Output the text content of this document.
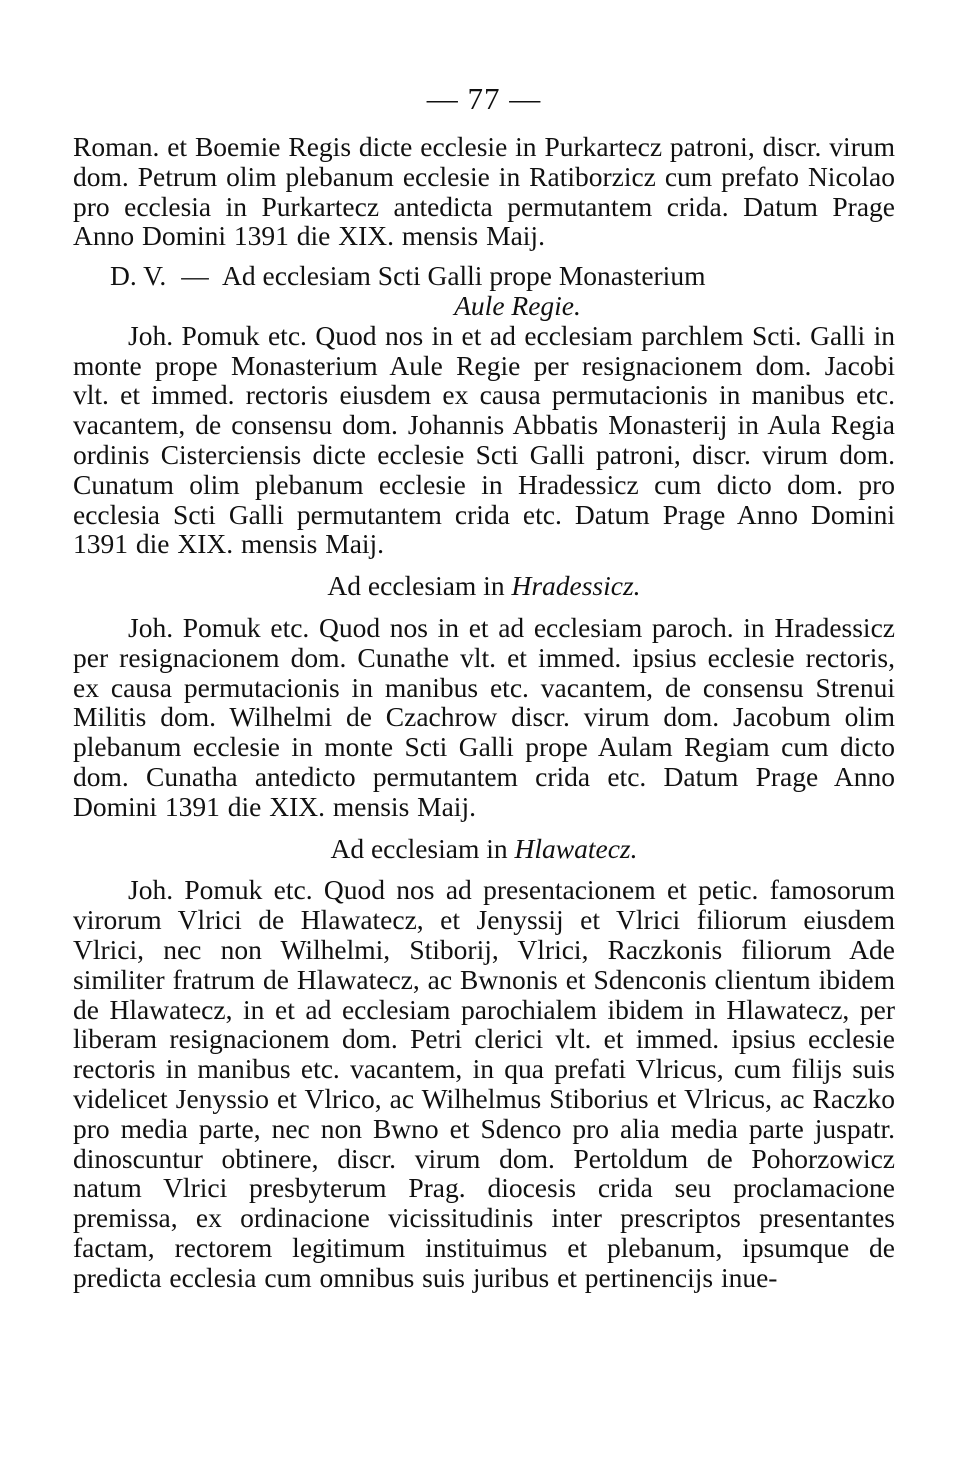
— 77 —

Roman. et Boemie Regis dicte ecclesie in Purkartecz patroni, discr. virum dom. Petrum olim plebanum ecclesie in Ratiborzicz cum prefato Nicolao pro ecclesia in Purkartecz antedicta permutantem crida. Datum Prage Anno Domini 1391 die XIX. mensis Maij.

D. V. — Ad ecclesiam Scti Galli prope Monasterium
Aule Regie.

Joh. Pomuk etc. Quod nos in et ad ecclesiam parchlem Scti. Galli in monte prope Monasterium Aule Regie per resignacionem dom. Jacobi vlt. et immed. rectoris eiusdem ex causa permutacionis in manibus etc. vacantem, de consensu dom. Johannis Abbatis Monasterij in Aula Regia ordinis Cisterciensis dicte ecclesie Scti Galli patroni, discr. virum dom. Cunatum olim plebanum ecclesie in Hradessicz cum dicto dom. pro ecclesia Scti Galli permutantem crida etc. Datum Prage Anno Domini 1391 die XIX. mensis Maij.

Ad ecclesiam in Hradessicz.

Joh. Pomuk etc. Quod nos in et ad ecclesiam paroch. in Hradessicz per resignacionem dom. Cunathe vlt. et immed. ipsius ecclesie rectoris, ex causa permutacionis in manibus etc. vacantem, de consensu Strenui Militis dom. Wilhelmi de Czachrow discr. virum dom. Jacobum olim plebanum ecclesie in monte Scti Galli prope Aulam Regiam cum dicto dom. Cunatha antedicto permutantem crida etc. Datum Prage Anno Domini 1391 die XIX. mensis Maij.

Ad ecclesiam in Hlawatecz.

Joh. Pomuk etc. Quod nos ad presentacionem et petic. famosorum virorum Vlrici de Hlawatecz, et Jenyssij et Vlrici filiorum eiusdem Vlrici, nec non Wilhelmi, Stiborij, Vlrici, Raczkonis filiorum Ade similiter fratrum de Hlawatecz, ac Bwnonis et Sdenconis clientum ibidem de Hlawatecz, in et ad ecclesiam parochialem ibidem in Hlawatecz, per liberam resignacionem dom. Petri clerici vlt. et immed. ipsius ecclesie rectoris in manibus etc. vacantem, in qua prefati Vlricus, cum filijs suis videlicet Jenyssio et Vlrico, ac Wilhelmus Stiborius et Vlricus, ac Raczko pro media parte, nec non Bwno et Sdenco pro alia media parte juspatr. dinoscuntur obtinere, discr. virum dom. Pertoldum de Pohorzowicz natum Vlrici presbyterum Prag. diocesis crida seu proclamacione premissa, ex ordinacione vicissitudinis inter prescriptos presentantes factam, rectorem legitimum instituimus et plebanum, ipsumque de predicta ecclesia cum omnibus suis juribus et pertinencijs inue-
